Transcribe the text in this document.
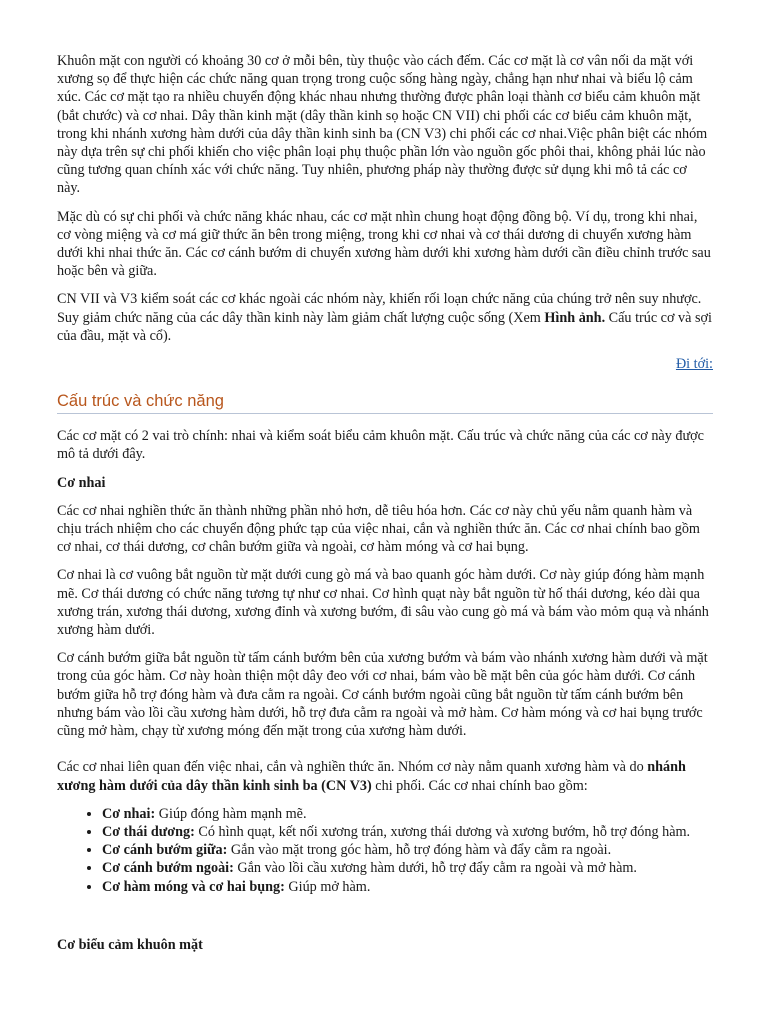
Khuôn mặt con người có khoảng 30 cơ ở mỗi bên, tùy thuộc vào cách đếm. Các cơ mặt là cơ vân nối da mặt với xương sọ để thực hiện các chức năng quan trọng trong cuộc sống hàng ngày, chẳng hạn như nhai và biểu lộ cảm xúc. Các cơ mặt tạo ra nhiều chuyển động khác nhau nhưng thường được phân loại thành cơ biểu cảm khuôn mặt (bắt chước) và cơ nhai. Dây thần kinh mặt (dây thần kinh sọ hoặc CN VII) chi phối các cơ biểu cảm khuôn mặt, trong khi nhánh xương hàm dưới của dây thần kinh sinh ba (CN V3) chi phối các cơ nhai.Việc phân biệt các nhóm này dựa trên sự chi phối khiến cho việc phân loại phụ thuộc phần lớn vào nguồn gốc phôi thai, không phải lúc nào cũng tương quan chính xác với chức năng. Tuy nhiên, phương pháp này thường được sử dụng khi mô tả các cơ này.

Mặc dù có sự chi phối và chức năng khác nhau, các cơ mặt nhìn chung hoạt động đồng bộ. Ví dụ, trong khi nhai, cơ vòng miệng và cơ má giữ thức ăn bên trong miệng, trong khi cơ nhai và cơ thái dương di chuyển xương hàm dưới khi nhai thức ăn. Các cơ cánh bướm di chuyển xương hàm dưới khi xương hàm dưới cần điều chỉnh trước sau hoặc bên và giữa.

CN VII và V3 kiểm soát các cơ khác ngoài các nhóm này, khiến rối loạn chức năng của chúng trở nên suy nhược. Suy giảm chức năng của các dây thần kinh này làm giảm chất lượng cuộc sống (Xem Hình ảnh. Cấu trúc cơ và sợi của đầu, mặt và cổ).

Đi tới:
Cấu trúc và chức năng

Các cơ mặt có 2 vai trò chính: nhai và kiểm soát biểu cảm khuôn mặt. Cấu trúc và chức năng của các cơ này được mô tả dưới đây.

Cơ nhai

Các cơ nhai nghiền thức ăn thành những phần nhỏ hơn, dễ tiêu hóa hơn. Các cơ này chủ yếu nằm quanh hàm và chịu trách nhiệm cho các chuyển động phức tạp của việc nhai, cắn và nghiền thức ăn. Các cơ nhai chính bao gồm cơ nhai, cơ thái dương, cơ chân bướm giữa và ngoài, cơ hàm móng và cơ hai bụng.

Cơ nhai là cơ vuông bắt nguồn từ mặt dưới cung gò má và bao quanh góc hàm dưới. Cơ này giúp đóng hàm mạnh mẽ. Cơ thái dương có chức năng tương tự như cơ nhai. Cơ hình quạt này bắt nguồn từ hố thái dương, kéo dài qua xương trán, xương thái dương, xương đỉnh và xương bướm, đi sâu vào cung gò má và bám vào mỏm quạ và nhánh xương hàm dưới.

Cơ cánh bướm giữa bắt nguồn từ tấm cánh bướm bên của xương bướm và bám vào nhánh xương hàm dưới và mặt trong của góc hàm. Cơ này hoàn thiện một dây đeo với cơ nhai, bám vào bề mặt bên của góc hàm dưới. Cơ cánh bướm giữa hỗ trợ đóng hàm và đưa cằm ra ngoài. Cơ cánh bướm ngoài cũng bắt nguồn từ tấm cánh bướm bên nhưng bám vào lồi cầu xương hàm dưới, hỗ trợ đưa cằm ra ngoài và mở hàm. Cơ hàm móng và cơ hai bụng trước cũng mở hàm, chạy từ xương móng đến mặt trong của xương hàm dưới.

Các cơ nhai liên quan đến việc nhai, cắn và nghiền thức ăn. Nhóm cơ này nằm quanh xương hàm và do nhánh xương hàm dưới của dây thần kinh sinh ba (CN V3) chi phối. Các cơ nhai chính bao gồm:

• Cơ nhai: Giúp đóng hàm mạnh mẽ.
• Cơ thái dương: Có hình quạt, kết nối xương trán, xương thái dương và xương bướm, hỗ trợ đóng hàm.
• Cơ cánh bướm giữa: Gắn vào mặt trong góc hàm, hỗ trợ đóng hàm và đẩy cằm ra ngoài.
• Cơ cánh bướm ngoài: Gắn vào lồi cầu xương hàm dưới, hỗ trợ đẩy cằm ra ngoài và mở hàm.
• Cơ hàm móng và cơ hai bụng: Giúp mở hàm.

Cơ biểu cảm khuôn mặt
